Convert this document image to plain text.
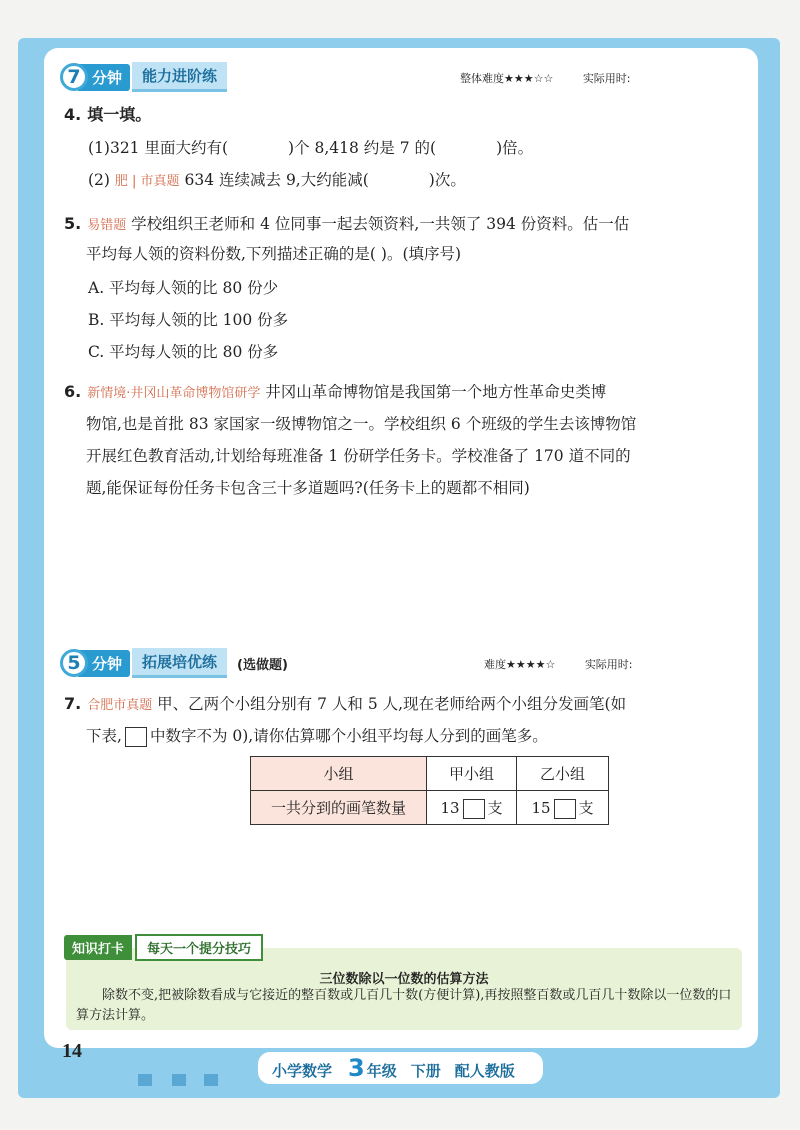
7 分钟	能力进阶练	整体难度★★★☆☆	实际用时:
4. 填一填。
(1)321 里面大约有(	)个 8,418 约是 7 的(	)倍。
(2) 肥 | 市真题 634 连续减去 9,大约能减(	)次。
5. 易错题 学校组织王老师和 4 位同事一起去领资料,一共领了 394 份资料。估一估
平均每人领的资料份数,下列描述正确的是( )。(填序号)
A. 平均每人领的比 80 份少
B. 平均每人领的比 100 份多
C. 平均每人领的比 80 份多
6. 新情境·井冈山革命博物馆研学 井冈山革命博物馆是我国第一个地方性革命史类博
物馆,也是首批 83 家国家一级博物馆之一。学校组织 6 个班级的学生去该博物馆
开展红色教育活动,计划给每班准备 1 份研学任务卡。学校准备了 170 道不同的
题,能保证每份任务卡包含三十多道题吗?(任务卡上的题都不相同)
5 分钟	拓展培优练	(选做题)	难度★★★★☆	实际用时:
7. 合肥市真题 甲、乙两个小组分别有 7 人和 5 人,现在老师给两个小组分发画笔(如
下表, 中数字不为 0),请你估算哪个小组平均每人分到的画笔多。
小组	甲小组	乙小组
一共分到的画笔数量	13 支	15 支
知识打卡	每天一个提分技巧
三位数除以一位数的估算方法
除数不变,把被除数看成与它接近的整百数或几百几十数(方便计算),再按照整百数或几百几十数除以一位数的口算方法计算。
14
小学数学 3 年级 下册 配人教版
